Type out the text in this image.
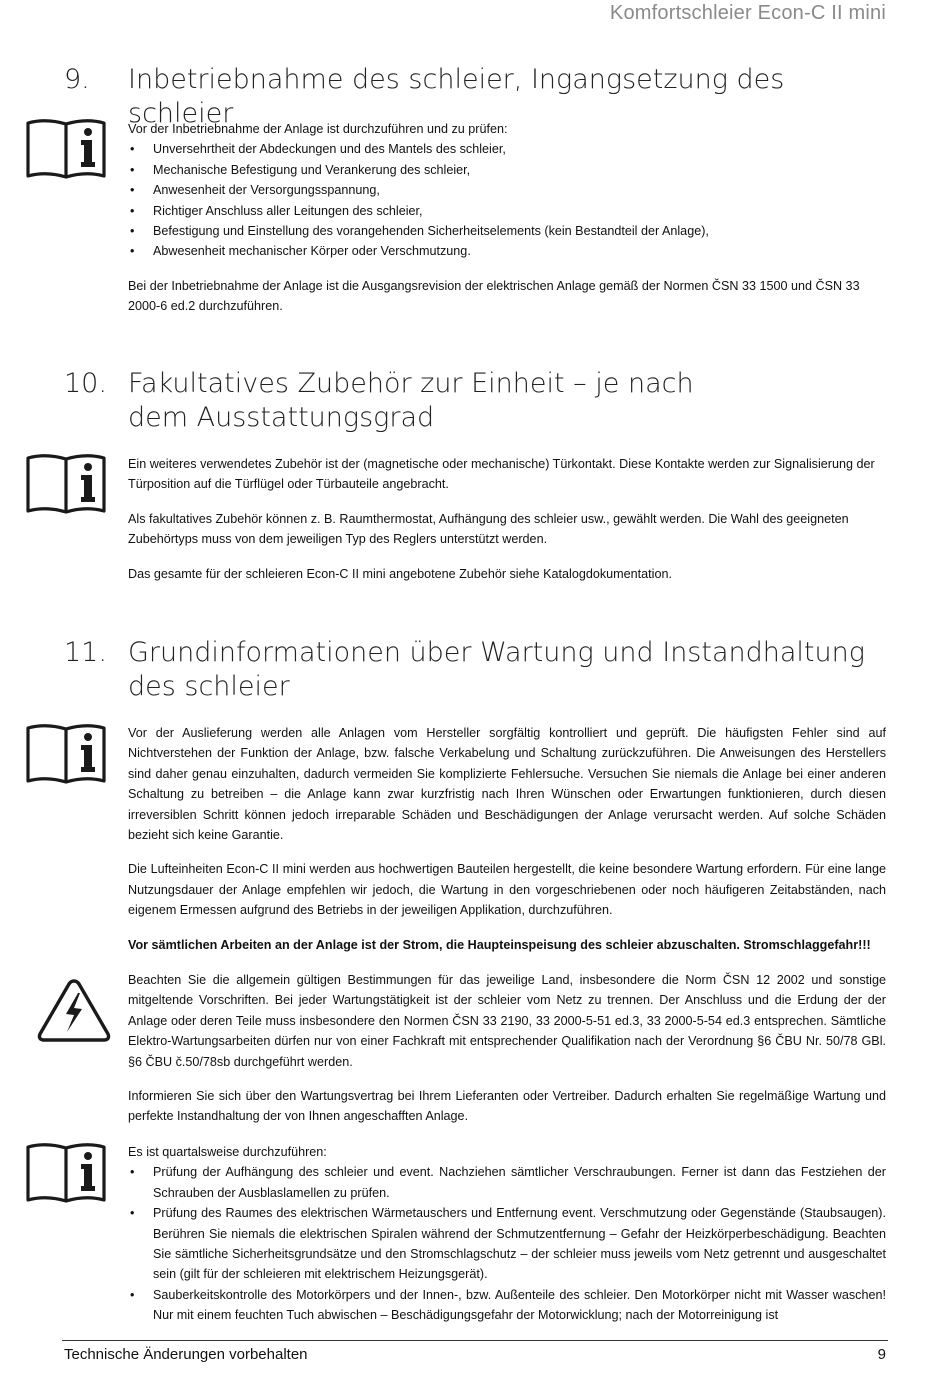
Komfortschleier Econ-C II mini
9. Inbetriebnahme des schleier, Ingangsetzung des schleier

Vor der Inbetriebnahme der Anlage ist durchzuführen und zu prüfen:

• Unversehrtheit der Abdeckungen und des Mantels des schleier,
• Mechanische Befestigung und Verankerung des schleier,
• Anwesenheit der Versorgungsspannung,
• Richtiger Anschluss aller Leitungen des schleier,
• Befestigung und Einstellung des vorangehenden Sicherheitselements (kein Bestandteil der Anlage),
• Abwesenheit mechanischer Körper oder Verschmutzung.

Bei der Inbetriebnahme der Anlage ist die Ausgangsrevision der elektrischen Anlage gemäß der Normen ČSN 33 1500 und ČSN 33 2000-6 ed.2 durchzuführen.

10. Fakultatives Zubehör zur Einheit – je nach dem Ausstattungsgrad

Ein weiteres verwendetes Zubehör ist der (magnetische oder mechanische) Türkontakt. Diese Kontakte werden zur Signalisierung der Türposition auf die Türflügel oder Türbauteile angebracht.

Als fakultatives Zubehör können z. B. Raumthermostat, Aufhängung des schleier usw., gewählt werden. Die Wahl des geeigneten Zubehörtyps muss von dem jeweiligen Typ des Reglers unterstützt werden.

Das gesamte für der schleieren Econ-C II mini angebotene Zubehör siehe Katalogdokumentation.

11. Grundinformationen über Wartung und Instandhaltung des schleier

Vor der Auslieferung werden alle Anlagen vom Hersteller sorgfältig kontrolliert und geprüft. Die häufigsten Fehler sind auf Nichtverstehen der Funktion der Anlage, bzw. falsche Verkabelung und Schaltung zurückzuführen. Die Anweisungen des Herstellers sind daher genau einzuhalten, dadurch vermeiden Sie komplizierte Fehlersuche. Versuchen Sie niemals die Anlage bei einer anderen Schaltung zu betreiben – die Anlage kann zwar kurzfristig nach Ihren Wünschen oder Erwartungen funktionieren, durch diesen irreversiblen Schritt können jedoch irreparable Schäden und Beschädigungen der Anlage verursacht werden. Auf solche Schäden bezieht sich keine Garantie.

Die Lufteinheiten Econ-C II mini werden aus hochwertigen Bauteilen hergestellt, die keine besondere Wartung erfordern. Für eine lange Nutzungsdauer der Anlage empfehlen wir jedoch, die Wartung in den vorgeschriebenen oder noch häufigeren Zeitabständen, nach eigenem Ermessen aufgrund des Betriebs in der jeweiligen Applikation, durchzuführen.

Vor sämtlichen Arbeiten an der Anlage ist der Strom, die Haupteinspeisung des schleier abzuschalten. Stromschlaggefahr!!!

Beachten Sie die allgemein gültigen Bestimmungen für das jeweilige Land, insbesondere die Norm ČSN 12 2002 und sonstige mitgeltende Vorschriften. Bei jeder Wartungstätigkeit ist der schleier vom Netz zu trennen. Der Anschluss und die Erdung der der Anlage oder deren Teile muss insbesondere den Normen ČSN 33 2190, 33 2000-5-51 ed.3, 33 2000-5-54 ed.3 entsprechen. Sämtliche Elektro-Wartungsarbeiten dürfen nur von einer Fachkraft mit entsprechender Qualifikation nach der Verordnung §6 ČBU Nr. 50/78 GBl. §6 ČBU č.50/78sb durchgeführt werden.

Informieren Sie sich über den Wartungsvertrag bei Ihrem Lieferanten oder Vertreiber. Dadurch erhalten Sie regelmäßige Wartung und perfekte Instandhaltung der von Ihnen angeschafften Anlage.

Es ist quartalsweise durchzuführen:

• Prüfung der Aufhängung des schleier und event. Nachziehen sämtlicher Verschraubungen. Ferner ist dann das Festziehen der Schrauben der Ausblaslamellen zu prüfen.
• Prüfung des Raumes des elektrischen Wärmetauschers und Entfernung event. Verschmutzung oder Gegenstände (Staubsaugen). Berühren Sie niemals die elektrischen Spiralen während der Schmutzentfernung – Gefahr der Heizkörperbeschädigung. Beachten Sie sämtliche Sicherheitsgrundsätze und den Stromschlagschutz – der schleier muss jeweils vom Netz getrennt und ausgeschaltet sein (gilt für der schleieren mit elektrischem Heizungsgerät).
• Sauberkeitskontrolle des Motorkörpers und der Innen-, bzw. Außenteile des schleier. Den Motorkörper nicht mit Wasser waschen! Nur mit einem feuchten Tuch abwischen – Beschädigungsgefahr der Motorwicklung; nach der Motorreinigung ist
Technische Änderungen vorbehalten	9
